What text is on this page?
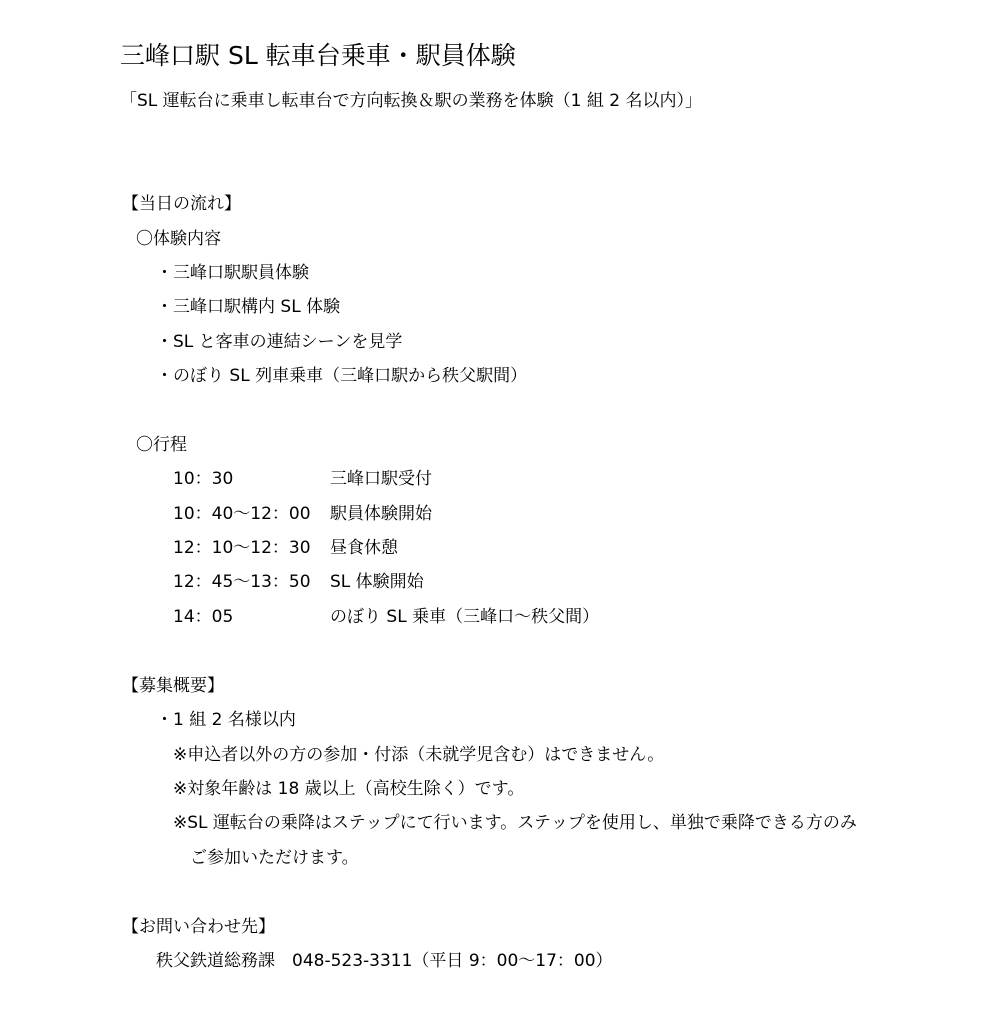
三峰口駅 SL 転車台乗車・駅員体験
「SL 運転台に乗車し転車台で方向転換＆駅の業務を体験（1 組 2 名以内）」
【当日の流れ】
〇体験内容
・三峰口駅駅員体験
・三峰口駅構内 SL 体験
・SL と客車の連結シーンを見学
・のぼり SL 列車乗車（三峰口駅から秩父駅間）
〇行程
10：30	三峰口駅受付
10：40～12：00 駅員体験開始
12：10～12：30 昼食休憩
12：45～13：50 SL 体験開始
14：05	のぼり SL 乗車（三峰口～秩父間）
【募集概要】
・1 組 2 名様以内
※申込者以外の方の参加・付添（未就学児含む）はできません。
※対象年齢は 18 歳以上（高校生除く）です。
※SL 運転台の乗降はステップにて行います。ステップを使用し、単独で乗降できる方のみ
ご参加いただけます。
【お問い合わせ先】
秩父鉄道総務課　048-523-3311（平日 9：00～17：00）
